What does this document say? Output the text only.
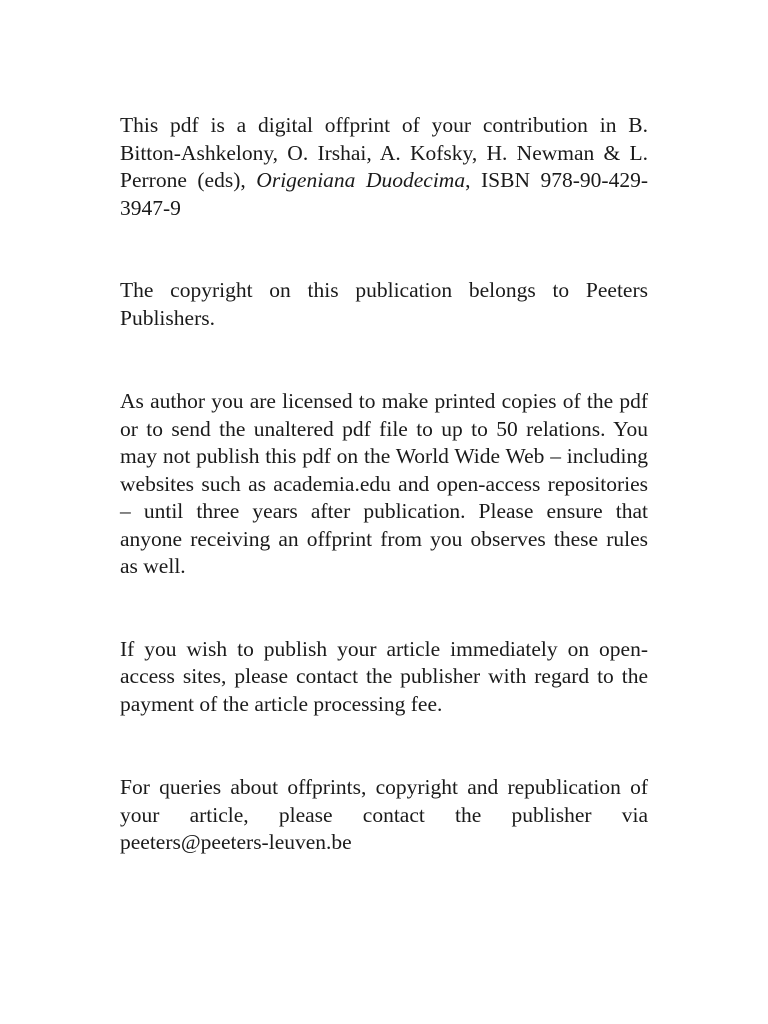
This pdf is a digital offprint of your contribution in B. Bitton-Ashkelony, O. Irshai, A. Kofsky, H. Newman & L. Perrone (eds), Origeniana Duodecima, ISBN 978-90-429-3947-9

The copyright on this publication belongs to Peeters Publishers.

As author you are licensed to make printed copies of the pdf or to send the unaltered pdf file to up to 50 relations. You may not publish this pdf on the World Wide Web – including websites such as academia.edu and open-access repositories – until three years after publication. Please ensure that anyone receiving an offprint from you observes these rules as well.

If you wish to publish your article immediately on open-access sites, please contact the publisher with regard to the payment of the article processing fee.

For queries about offprints, copyright and republication of your article, please contact the publisher via peeters@peeters-leuven.be
